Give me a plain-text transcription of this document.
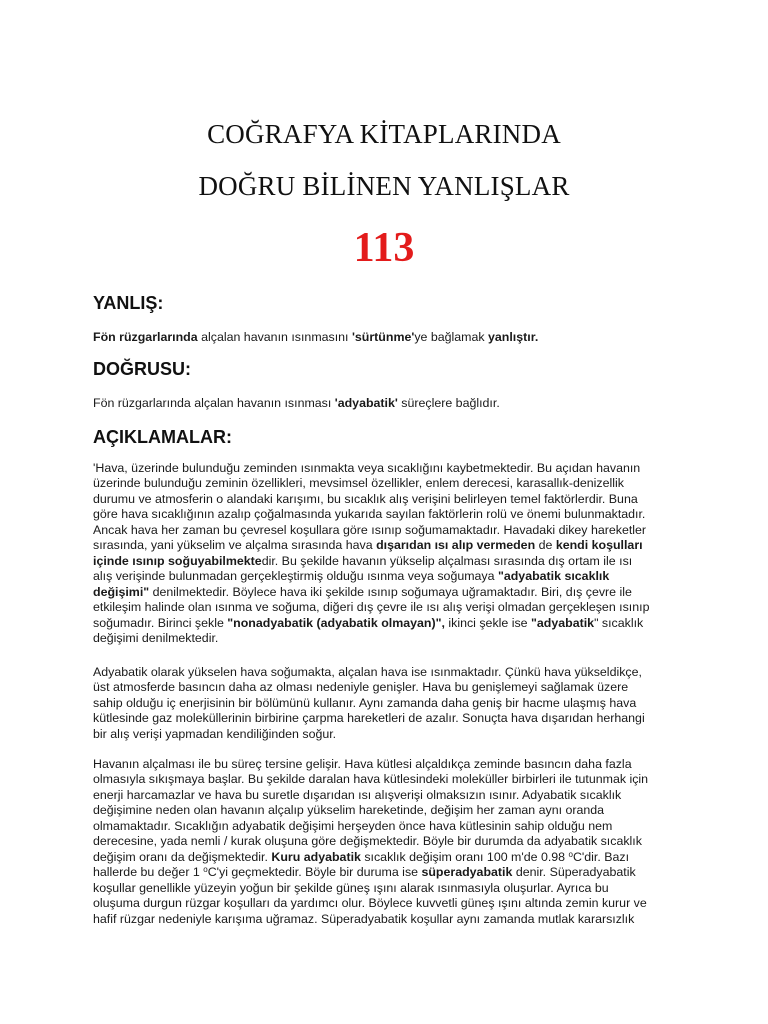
COĞRAFYA KİTAPLARINDA
DOĞRU BİLİNEN YANLIŞLAR
113
YANLIŞ:
Fön rüzgarlarında alçalan havanın ısınmasını 'sürtünme'ye bağlamak yanlıştır.
DOĞRUSU:
Fön rüzgarlarında alçalan havanın ısınması 'adyabatik' süreçlere bağlıdır.
AÇIKLAMALAR:
'Hava, üzerinde bulunduğu zeminden ısınmakta veya sıcaklığını kaybetmektedir. Bu açıdan havanın
üzerinde bulunduğu zeminin özellikleri, mevsimsel özellikler, enlem derecesi, karasallık-denizellik
durumu ve atmosferin o alandaki karışımı, bu sıcaklık alış verişini belirleyen temel faktörlerdir. Buna
göre hava sıcaklığının azalıp çoğalmasında yukarıda sayılan faktörlerin rolü ve önemi bulunmaktadır.
Ancak hava her zaman bu çevresel koşullara göre ısınıp soğumamaktadır. Havadaki dikey hareketler
sırasında, yani yükselim ve alçalma sırasında hava dışarıdan ısı alıp vermeden de kendi koşulları
içinde ısınıp soğuyabilmektedir. Bu şekilde havanın yükselip alçalması sırasında dış ortam ile ısı
alış verişinde bulunmadan gerçekleştirmiş olduğu ısınma veya soğumaya "adyabatik sıcaklık
değişimi" denilmektedir. Böylece hava iki şekilde ısınıp soğumaya uğramaktadır. Biri, dış çevre ile
etkileşim halinde olan ısınma ve soğuma, diğeri dış çevre ile ısı alış verişi olmadan gerçekleşen ısınıp
soğumadır. Birinci şekle "nonadyabatik (adyabatik olmayan)", ikinci şekle ise "adyabatik" sıcaklık
değişimi denilmektedir.
Adyabatik olarak yükselen hava soğumakta, alçalan hava ise ısınmaktadır. Çünkü hava yükseldikçe,
üst atmosferde basıncın daha az olması nedeniyle genişler. Hava bu genişlemeyi sağlamak üzere
sahip olduğu iç enerjisinin bir bölümünü kullanır. Aynı zamanda daha geniş bir hacme ulaşmış hava
kütlesinde gaz moleküllerinin birbirine çarpma hareketleri de azalır. Sonuçta hava dışarıdan herhangi
bir alış verişi yapmadan kendiliğinden soğur.
Havanın alçalması ile bu süreç tersine gelişir. Hava kütlesi alçaldıkça zeminde basıncın daha fazla
olmasıyla sıkışmaya başlar. Bu şekilde daralan hava kütlesindeki moleküller birbirleri ile tutunmak için
enerji harcamazlar ve hava bu suretle dışarıdan ısı alışverişi olmaksızın ısınır. Adyabatik sıcaklık
değişimine neden olan havanın alçalıp yükselim hareketinde, değişim her zaman aynı oranda
olmamaktadır. Sıcaklığın adyabatik değişimi herşeyden önce hava kütlesinin sahip olduğu nem
derecesine, yada nemli / kurak oluşuna göre değişmektedir. Böyle bir durumda da adyabatik sıcaklık
değişim oranı da değişmektedir. Kuru adyabatik sıcaklık değişim oranı 100 m'de 0.98 $^o$C'dir. Bazı
hallerde bu değer 1 $^o$C'yi geçmektedir. Böyle bir duruma ise süperadyabatik denir. Süperadyabatik
koşullar genellikle yüzeyin yoğun bir şekilde güneş ışını alarak ısınmasıyla oluşurlar. Ayrıca bu
oluşuma durgun rüzgar koşulları da yardımcı olur. Böylece kuvvetli güneş ışını altında zemin kurur ve
hafif rüzgar nedeniyle karışıma uğramaz. Süperadyabatik koşullar aynı zamanda mutlak kararsızlık
